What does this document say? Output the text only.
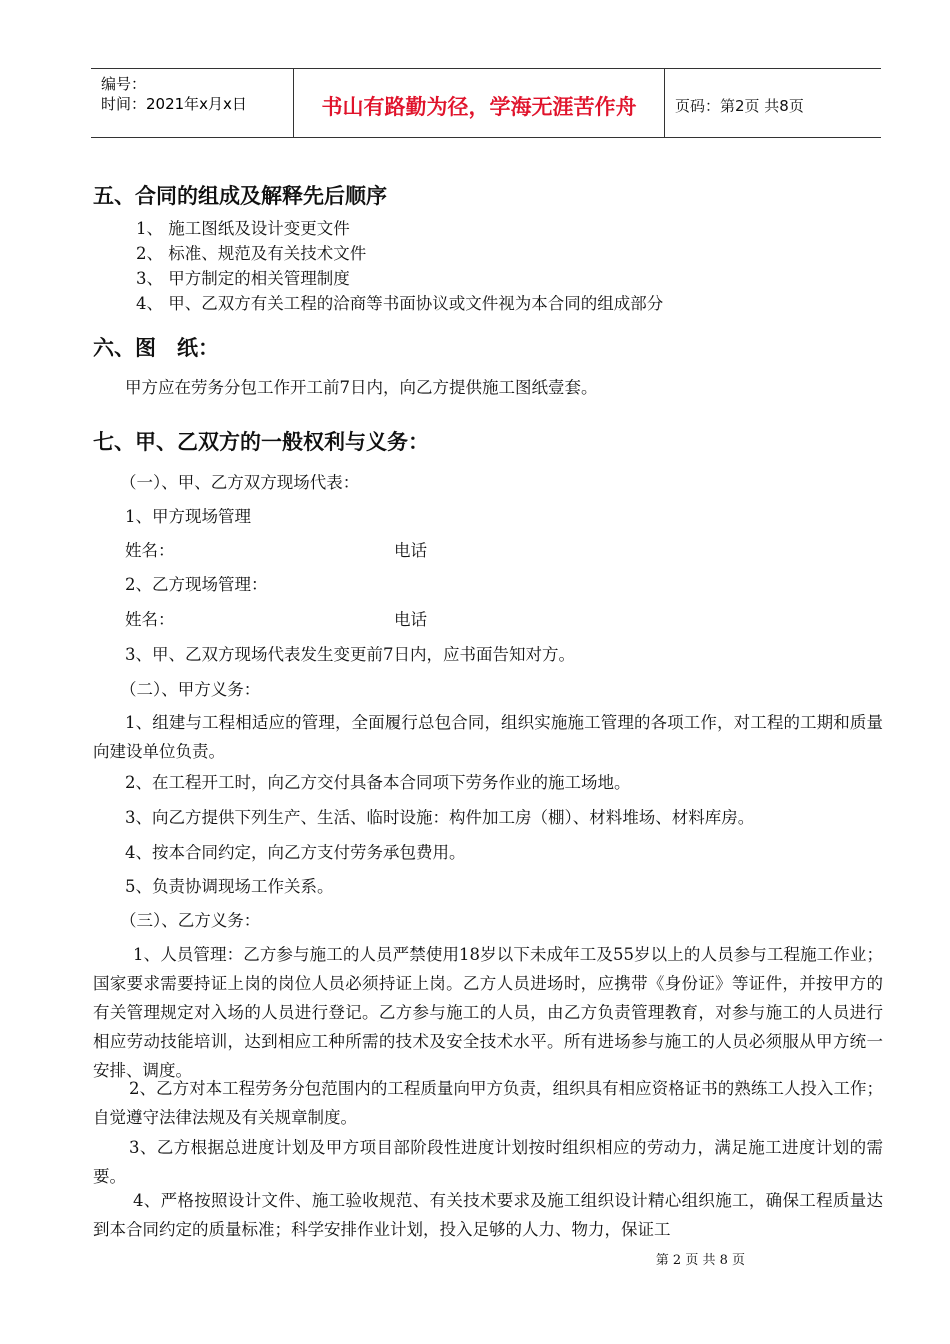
编号：
时间：2021年x月x日	书山有路勤为径，学海无涯苦作舟	页码：第2页 共8页
五、合同的组成及解释先后顺序
1、 施工图纸及设计变更文件
2、 标准、规范及有关技术文件
3、 甲方制定的相关管理制度
4、 甲、乙双方有关工程的洽商等书面协议或文件视为本合同的组成部分
六、图　纸：
甲方应在劳务分包工作开工前7日内，向乙方提供施工图纸壹套。
七、甲、乙双方的一般权利与义务：
（一）、甲、乙方双方现场代表：
1、甲方现场管理
姓名：	电话
2、乙方现场管理：
姓名：	电话
3、甲、乙双方现场代表发生变更前7日内，应书面告知对方。
（二）、甲方义务：
1、组建与工程相适应的管理，全面履行总包合同，组织实施施工管理的各项工作，对工程的工期和质量向建设单位负责。
2、在工程开工时，向乙方交付具备本合同项下劳务作业的施工场地。
3、向乙方提供下列生产、生活、临时设施：构件加工房（棚）、材料堆场、材料库房。
4、按本合同约定，向乙方支付劳务承包费用。
5、负责协调现场工作关系。
（三）、乙方义务：
1、人员管理：乙方参与施工的人员严禁使用18岁以下未成年工及55岁以上的人员参与工程施工作业；国家要求需要持证上岗的岗位人员必须持证上岗。乙方人员进场时，应携带《身份证》等证件，并按甲方的有关管理规定对入场的人员进行登记。乙方参与施工的人员，由乙方负责管理教育，对参与施工的人员进行相应劳动技能培训，达到相应工种所需的技术及安全技术水平。所有进场参与施工的人员必须服从甲方统一安排、调度。
2、乙方对本工程劳务分包范围内的工程质量向甲方负责，组织具有相应资格证书的熟练工人投入工作；自觉遵守法律法规及有关规章制度。
3、乙方根据总进度计划及甲方项目部阶段性进度计划按时组织相应的劳动力，满足施工进度计划的需要。
4、严格按照设计文件、施工验收规范、有关技术要求及施工组织设计精心组织施工，确保工程质量达到本合同约定的质量标准；科学安排作业计划，投入足够的人力、物力，保证工
第 2 页 共 8 页
